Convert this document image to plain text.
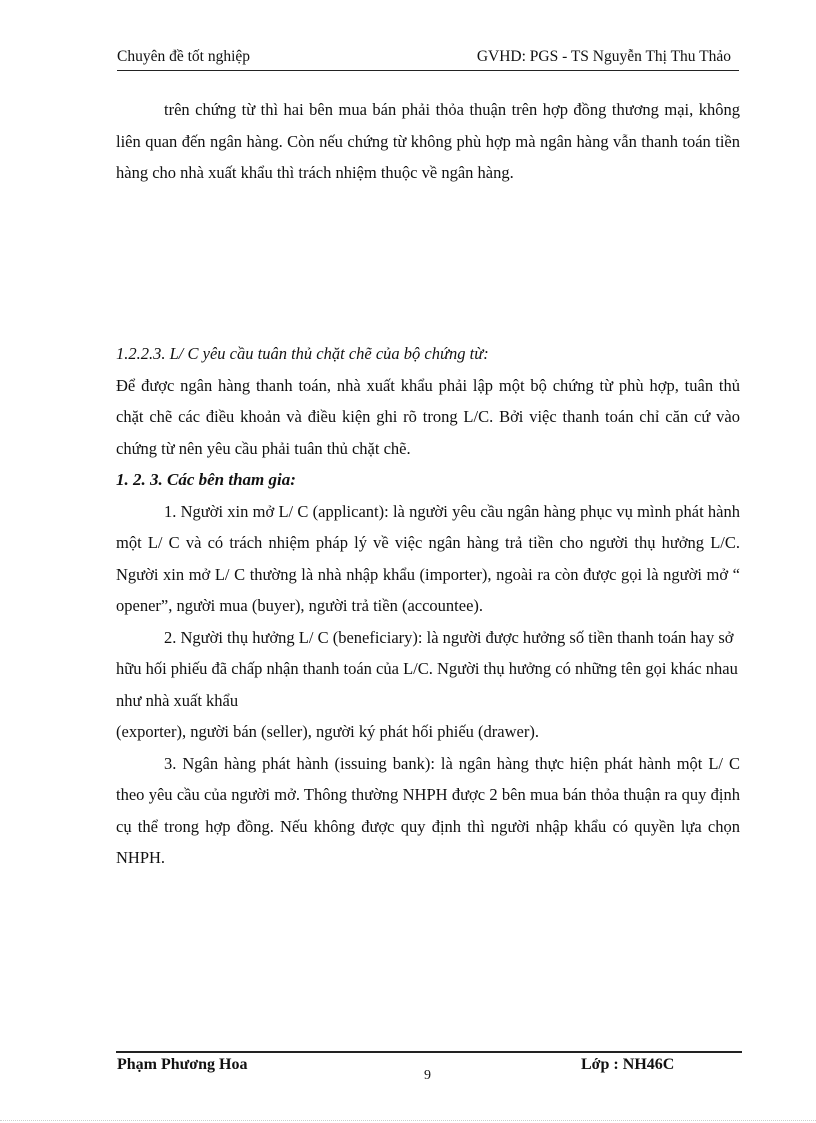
Chuyên đề tốt nghiệp	GVHD: PGS - TS Nguyễn Thị Thu Thảo

trên chứng từ thì hai bên mua bán phải thỏa thuận trên hợp đồng thương mại, không liên quan đến ngân hàng. Còn nếu chứng từ không phù hợp mà ngân hàng vẫn thanh toán tiền hàng cho nhà xuất khẩu thì trách nhiệm thuộc về ngân hàng.

1.2.2.3. L/ C yêu cầu tuân thủ chặt chẽ của bộ chứng từ:

Để được ngân hàng thanh toán, nhà xuất khẩu phải lập một bộ chứng từ phù hợp, tuân thủ chặt chẽ các điều khoản và điều kiện ghi rõ trong L/C. Bởi việc thanh toán chỉ căn cứ vào chứng từ nên yêu cầu phải tuân thủ chặt chẽ.

1. 2. 3. Các bên tham gia:

1. Người xin mở L/ C (applicant): là người yêu cầu ngân hàng phục vụ mình phát hành một L/ C và có trách nhiệm pháp lý về việc ngân hàng trả tiền cho người thụ hưởng L/C. Người xin mở L/ C thường là nhà nhập khẩu (importer), ngoài ra còn được gọi là người mở “ opener”, người mua (buyer), người trả tiền (accountee).

2. Người thụ hưởng L/ C (beneficiary): là người được hưởng số tiền thanh toán hay sở hữu hối phiếu đã chấp nhận thanh toán của L/C. Người thụ hưởng có những tên gọi khác nhau như nhà xuất khẩu

(exporter), người bán (seller), người ký phát hối phiếu (drawer).

3. Ngân hàng phát hành (issuing bank): là ngân hàng thực hiện phát hành một L/ C theo yêu cầu của người mở. Thông thường NHPH được 2 bên mua bán thỏa thuận ra quy định cụ thể trong hợp đồng. Nếu không được quy định thì người nhập khẩu có quyền lựa chọn NHPH.

Phạm Phương Hoa
9
Lớp : NH46C
